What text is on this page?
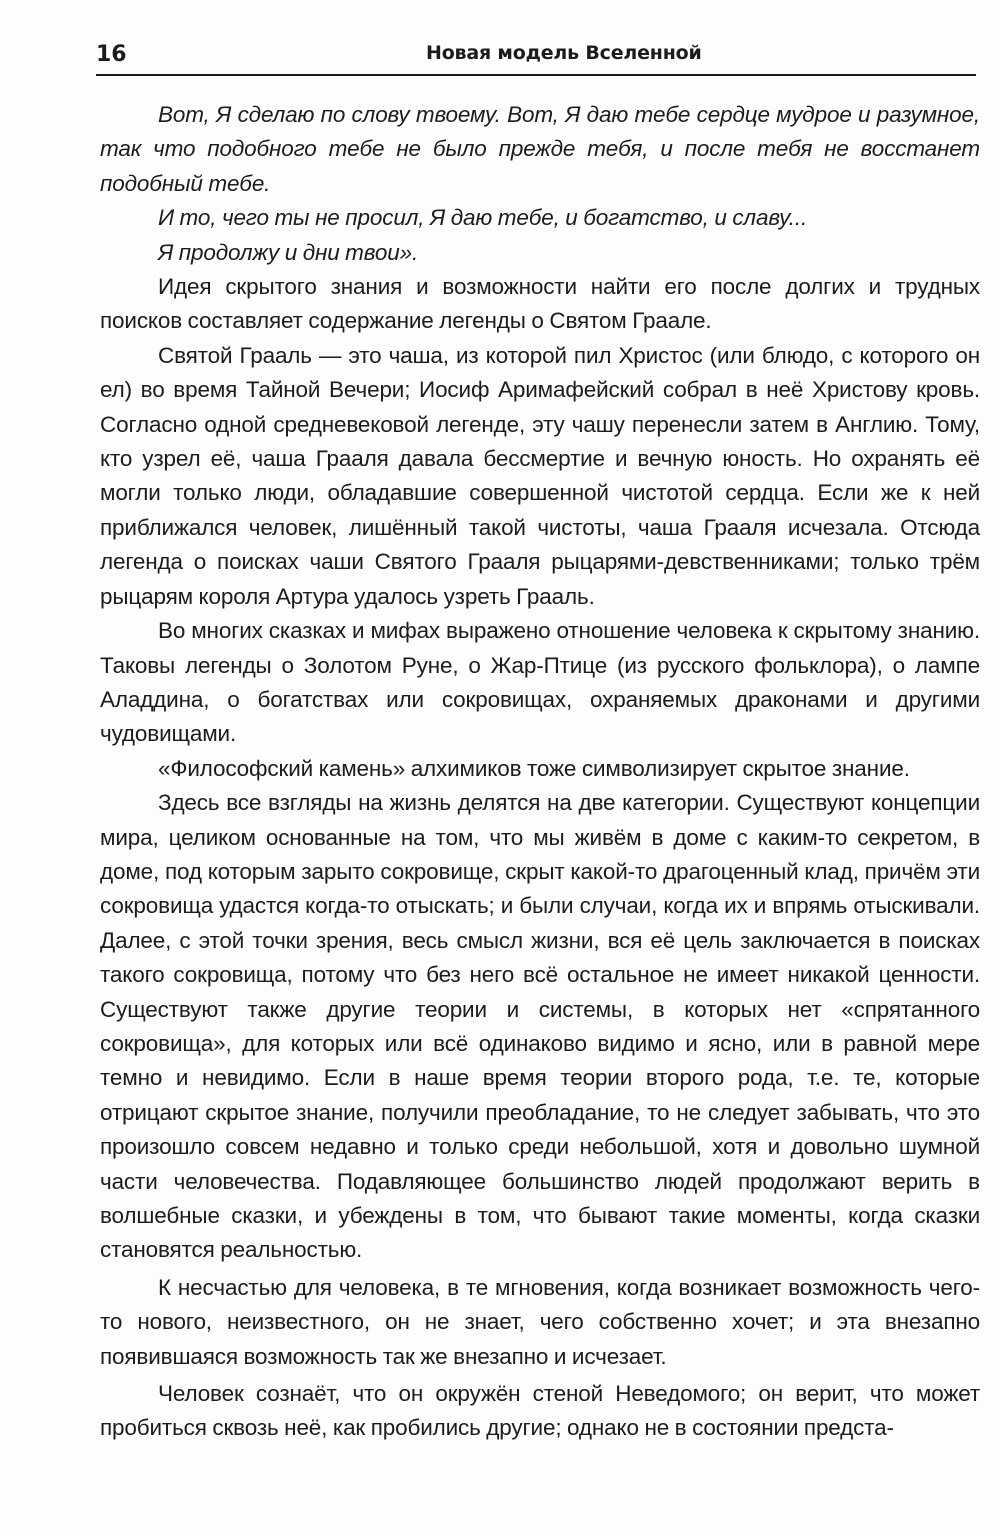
16	Новая модель Вселенной

Вот, Я сделаю по слову твоему. Вот, Я даю тебе сердце мудрое и разумное, так что подобного тебе не было прежде тебя, и после тебя не восстанет подобный тебе.

И то, чего ты не просил, Я даю тебе, и богатство, и славу...

Я продолжу и дни твои».

Идея скрытого знания и возможности найти его после долгих и трудных поисков составляет содержание легенды о Святом Граале.

Святой Грааль — это чаша, из которой пил Христос (или блюдо, с которого он ел) во время Тайной Вечери; Иосиф Аримафейский собрал в неё Христову кровь. Согласно одной средневековой легенде, эту чашу перенесли затем в Англию. Тому, кто узрел её, чаша Грааля давала бессмертие и вечную юность. Но охранять её могли только люди, обладавшие совершенной чистотой сердца. Если же к ней приближался человек, лишённый такой чистоты, чаша Грааля исчезала. Отсюда легенда о поисках чаши Святого Грааля рыцарями-девственниками; только трём рыцарям короля Артура удалось узреть Грааль.

Во многих сказках и мифах выражено отношение человека к скрытому знанию. Таковы легенды о Золотом Руне, о Жар-Птице (из русского фольклора), о лампе Аладдина, о богатствах или сокровищах, охраняемых драконами и другими чудовищами.

«Философский камень» алхимиков тоже символизирует скрытое знание.

Здесь все взгляды на жизнь делятся на две категории. Существуют концепции мира, целиком основанные на том, что мы живём в доме с каким-то секретом, в доме, под которым зарыто сокровище, скрыт какой-то драгоценный клад, причём эти сокровища удастся когда-то отыскать; и были случаи, когда их и впрямь отыскивали. Далее, с этой точки зрения, весь смысл жизни, вся её цель заключается в поисках такого сокровища, потому что без него всё остальное не имеет никакой ценности. Существуют также другие теории и системы, в которых нет «спрятанного сокровища», для которых или всё одинаково видимо и ясно, или в равной мере темно и невидимо. Если в наше время теории второго рода, т.е. те, которые отрицают скрытое знание, получили преобладание, то не следует забывать, что это произошло совсем недавно и только среди небольшой, хотя и довольно шумной части человечества. Подавляющее большинство людей продолжают верить в волшебные сказки, и убеждены в том, что бывают такие моменты, когда сказки становятся реальностью.

К несчастью для человека, в те мгновения, когда возникает возможность чего-то нового, неизвестного, он не знает, чего собственно хочет; и эта внезапно появившаяся возможность так же внезапно и исчезает.

Человек сознаёт, что он окружён стеной Неведомого; он верит, что может пробиться сквозь неё, как пробились другие; однако не в состоянии предста-
